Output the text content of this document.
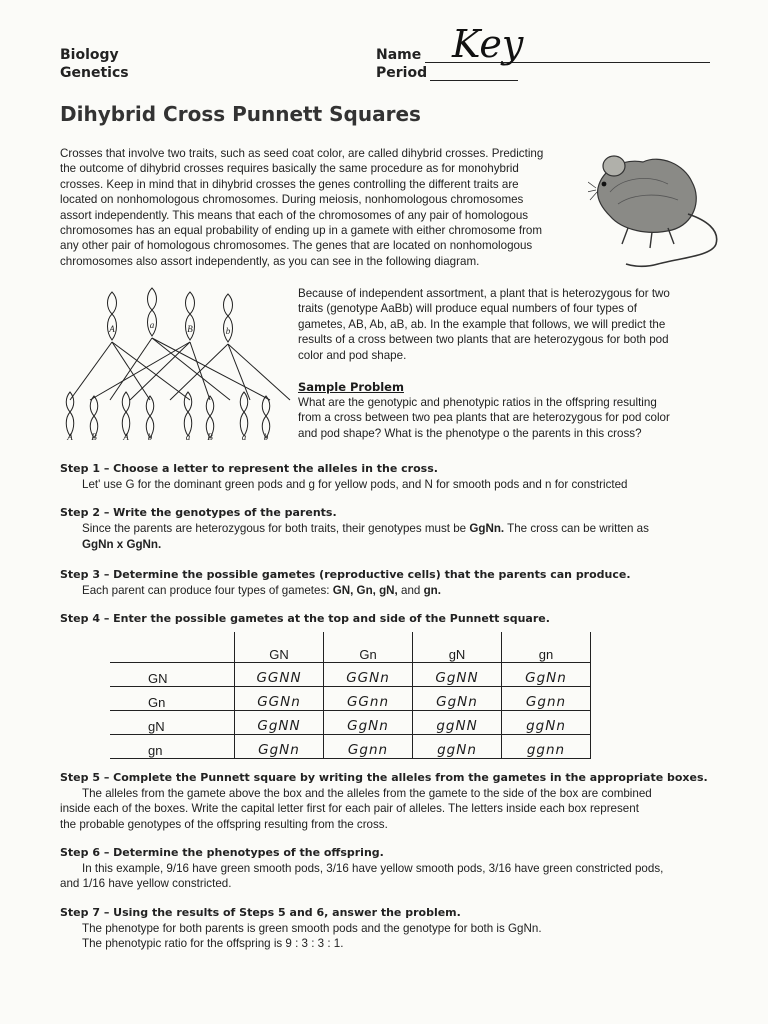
Biology
Genetics
Name Key
Period
Dihybrid Cross Punnett Squares
Crosses that involve two traits, such as seed coat color, are called dihybrid crosses. Predicting
the outcome of dihybrid crosses requires basically the same procedure as for monohybrid
crosses. Keep in mind that in dihybrid crosses the genes controlling the different traits are
located on nonhomologous chromosomes. During meiosis, nonhomologous chromosomes
assort independently. This means that each of the chromosomes of any pair of homologous
chromosomes has an equal probability of ending up in a gamete with either chromosome from
any other pair of homologous chromosomes. The genes that are located on nonhomologous
chromosomes also assort independently, as you can see in the following diagram.
A	a	B	b
A B	A b	a B	a b
Because of independent assortment, a plant that is heterozygous for two
traits (genotype AaBb) will produce equal numbers of four types of
gametes, AB, Ab, aB, ab. In the example that follows, we will predict the
results of a cross between two plants that are heterozygous for both pod
color and pod shape.
Sample Problem
What are the genotypic and phenotypic ratios in the offspring resulting
from a cross between two pea plants that are heterozygous for pod color
and pod shape? What is the phenotype o the parents in this cross?
Step 1 – Choose a letter to represent the alleles in the cross.
Let' use G for the dominant green pods and g for yellow pods, and N for smooth pods and n for constricted
Step 2 – Write the genotypes of the parents.
Since the parents are heterozygous for both traits, their genotypes must be GgNn. The cross can be written as
GgNn x GgNn.
Step 3 – Determine the possible gametes (reproductive cells) that the parents can produce.
Each parent can produce four types of gametes: GN, Gn, gN, and gn.
Step 4 – Enter the possible gametes at the top and side of the Punnett square.
	GN	Gn	gN	gn
GN	GGNN	GGNn	GgNN	GgNn
Gn	GGNn	GGnn	GgNn	Ggnn
gN	GgNN	GgNn	ggNN	ggNn
gn	GgNn	Ggnn	ggNn	ggnn
Step 5 – Complete the Punnett square by writing the alleles from the gametes in the appropriate boxes.
The alleles from the gamete above the box and the alleles from the gamete to the side of the box are combined
inside each of the boxes. Write the capital letter first for each pair of alleles. The letters inside each box represent
the probable genotypes of the offspring resulting from the cross.
Step 6 – Determine the phenotypes of the offspring.
In this example, 9/16 have green smooth pods, 3/16 have yellow smooth pods, 3/16 have green constricted pods,
and 1/16 have yellow constricted.
Step 7 – Using the results of Steps 5 and 6, answer the problem.
The phenotype for both parents is green smooth pods and the genotype for both is GgNn.
The phenotypic ratio for the offspring is 9 : 3 : 3 : 1.
